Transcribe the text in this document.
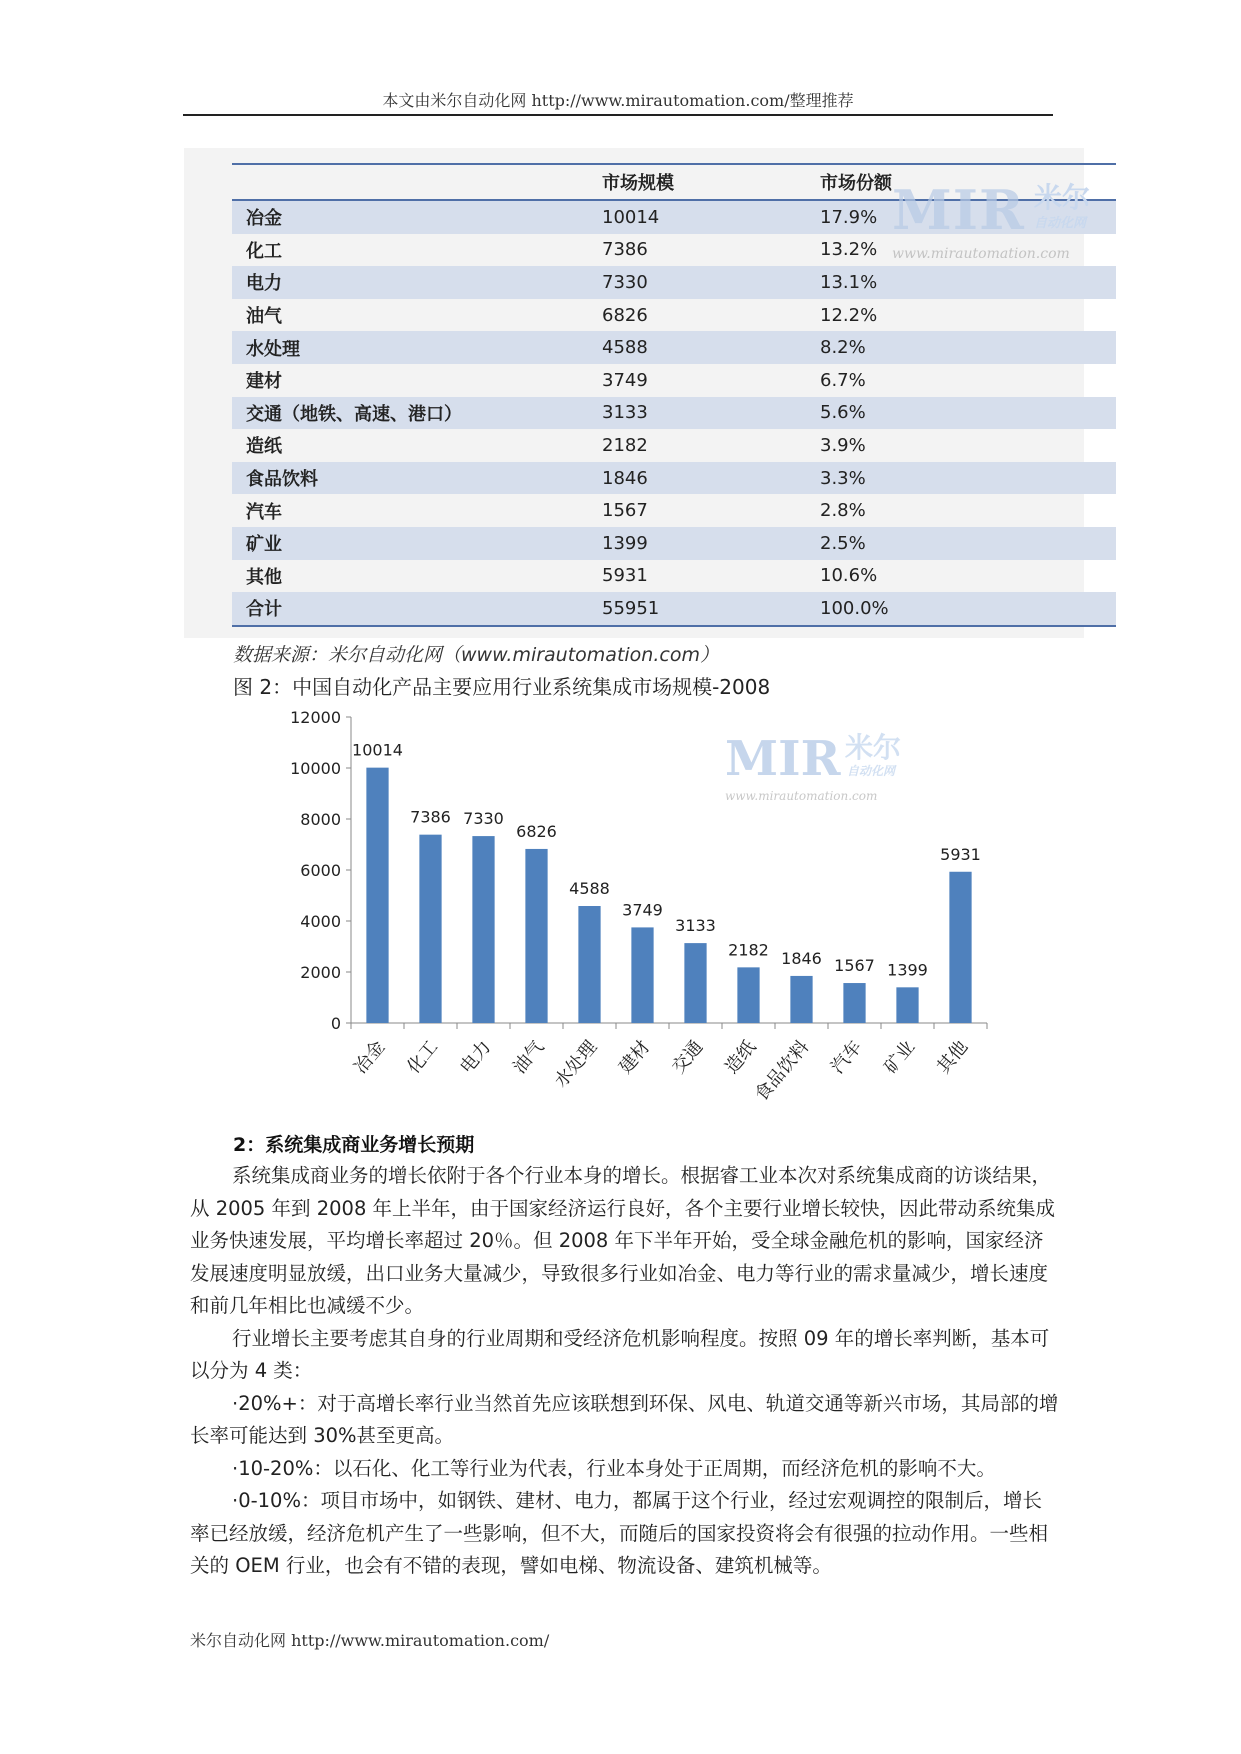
本文由米尔自动化网 http://www.mirautomation.com/整理推荐
	市场规模	市场份额
冶金	10014	17.9%
化工	7386	13.2%
电力	7330	13.1%
油气	6826	12.2%
水处理	4588	8.2%
建材	3749	6.7%
交通（地铁、高速、港口）	3133	5.6%
造纸	2182	3.9%
食品饮料	1846	3.3%
汽车	1567	2.8%
矿业	1399	2.5%
其他	5931	10.6%
合计	55951	100.0%
MIR 米尔
自动化网
www.mirautomation.com
数据来源：米尔自动化网（www.mirautomation.com）
图 2：中国自动化产品主要应用行业系统集成市场规模-2008
MIR 米尔
自动化网
www.mirautomation.com
0
2000
4000
6000
8000
10000
12000
10014
冶金
7386
化工
7330
电力
6826
油气
4588
水处理
3749
建材
3133
交通
2182
造纸
1846
食品饮料
1567
汽车
1399
矿业
5931
其他
2：系统集成商业务增长预期

系统集成商业务的增长依附于各个行业本身的增长。根据睿工业本次对系统集成商的访谈结果，从 2005 年到 2008 年上半年，由于国家经济运行良好，各个主要行业增长较快，因此带动系统集成业务快速发展，平均增长率超过 20％。但 2008 年下半年开始，受全球金融危机的影响，国家经济发展速度明显放缓，出口业务大量减少，导致很多行业如冶金、电力等行业的需求量减少，增长速度和前几年相比也减缓不少。

行业增长主要考虑其自身的行业周期和受经济危机影响程度。按照 09 年的增长率判断，基本可以分为 4 类：

·20%+：对于高增长率行业当然首先应该联想到环保、风电、轨道交通等新兴市场，其局部的增长率可能达到 30%甚至更高。

·10-20%：以石化、化工等行业为代表，行业本身处于正周期，而经济危机的影响不大。

·0-10%：项目市场中，如钢铁、建材、电力，都属于这个行业，经过宏观调控的限制后，增长率已经放缓，经济危机产生了一些影响，但不大，而随后的国家投资将会有很强的拉动作用。一些相关的 OEM 行业，也会有不错的表现，譬如电梯、物流设备、建筑机械等。

米尔自动化网 http://www.mirautomation.com/
